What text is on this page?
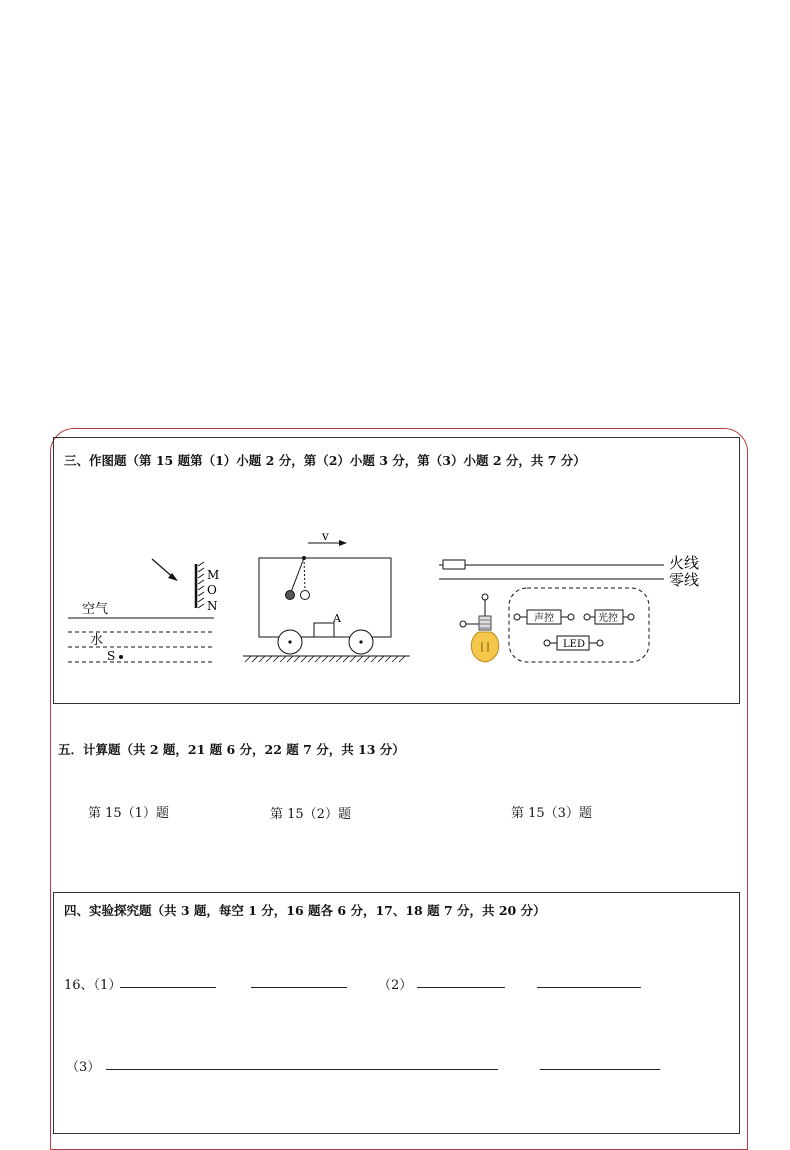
三、作图题（第 15 题第（1）小题 2 分，第（2）小题 3 分，第（3）小题 2 分，共 7 分）
M
O
N
空气
水
S
v
A
火线
零线
声控	光控
LED
五．计算题（共 2 题，21 题 6 分，22 题 7 分，共 13 分）
第 15（1）题	第 15（2）题	第 15（3）题
四、实验探究题（共 3 题，每空 1 分，16 题各 6 分，17、18 题 7 分，共 20 分）
16、（1）	（2）
（3）
